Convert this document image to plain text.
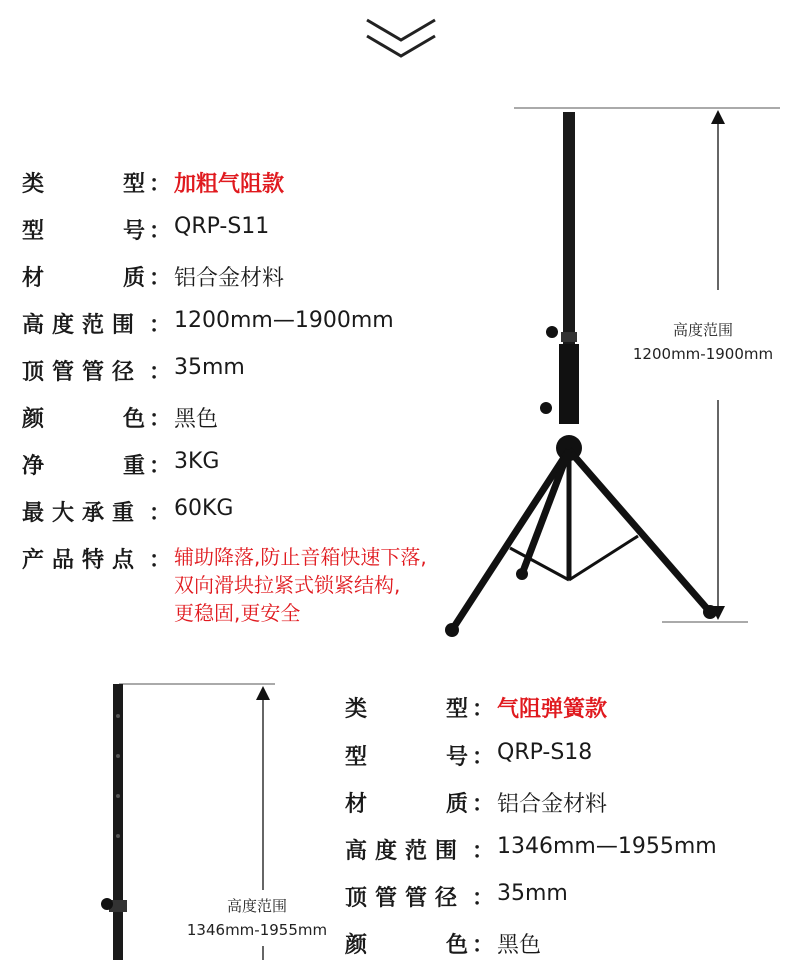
类	型 ： 加粗气阻款
型	号 ： QRP-S11
材	质 ： 铝合金材料
高度范围 ： 1200mm—1900mm
顶管管径 ： 35mm
颜	色 ： 黑色
净	重 ： 3KG
最大承重 ： 60KG
产品特点 ： 辅助降落,防止音箱快速下落,
双向滑块拉紧式锁紧结构,
更稳固,更安全
高度范围
1200mm-1900mm
高度范围
1346mm-1955mm
类	型 ： 气阻弹簧款
型	号 ： QRP-S18
材	质 ： 铝合金材料
高度范围 ： 1346mm—1955mm
顶管管径 ： 35mm
颜	色 ： 黑色
